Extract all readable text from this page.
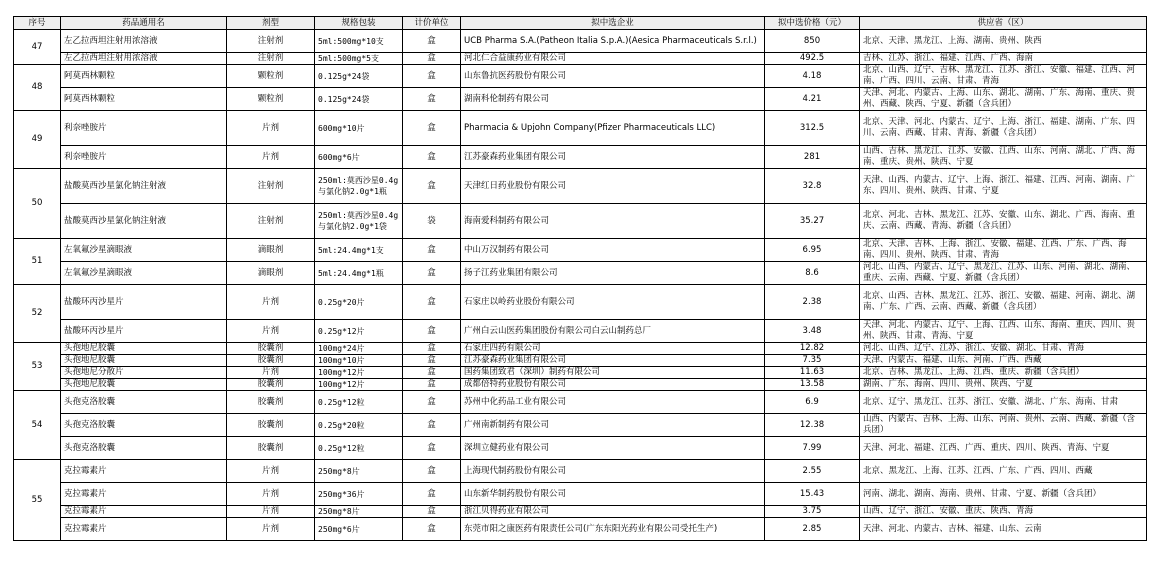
序号	药品通用名	剂型	规格包装	计价单位	拟中选企业	拟中选价格（元）	供应省（区）
47	左乙拉西坦注射用浓溶液	注射剂	5ml:500mg*10支	盒	UCB Pharma S.A.(Patheon Italia S.p.A.)(Aesica Pharmaceuticals S.r.l.)	850	北京、天津、黑龙江、上海、湖南、贵州、陕西
	左乙拉西坦注射用浓溶液	注射剂	5ml:500mg*5支	盒	河北仁合益康药业有限公司	492.5	吉林、江苏、浙江、福建、江西、广西、海南
48	阿莫西林颗粒	颗粒剂	0.125g*24袋	盒	山东鲁抗医药股份有限公司	4.18	北京、山西、辽宁、吉林、黑龙江、江苏、浙江、安徽、福建、江西、河南、广西、四川、云南、甘肃、青海
	阿莫西林颗粒	颗粒剂	0.125g*24袋	盒	湖南科伦制药有限公司	4.21	天津、河北、内蒙古、上海、山东、湖北、湖南、广东、海南、重庆、贵州、西藏、陕西、宁夏、新疆（含兵团）
49	利奈唑胺片	片剂	600mg*10片	盒	Pharmacia & Upjohn Company(Pfizer Pharmaceuticals LLC)	312.5	北京、天津、河北、内蒙古、辽宁、上海、浙江、福建、湖南、广东、四川、云南、西藏、甘肃、青海、新疆（含兵团）
	利奈唑胺片	片剂	600mg*6片	盒	江苏豪森药业集团有限公司	281	山西、吉林、黑龙江、江苏、安徽、江西、山东、河南、湖北、广西、海南、重庆、贵州、陕西、宁夏
50	盐酸莫西沙星氯化钠注射液	注射剂	250ml:莫西沙星0.4g与氯化钠2.0g*1瓶	盒	天津红日药业股份有限公司	32.8	天津、山西、内蒙古、辽宁、上海、浙江、福建、江西、河南、湖南、广东、四川、贵州、陕西、甘肃、宁夏
	盐酸莫西沙星氯化钠注射液	注射剂	250ml:莫西沙星0.4g与氯化钠2.0g*1袋	袋	海南爱科制药有限公司	35.27	北京、河北、吉林、黑龙江、江苏、安徽、山东、湖北、广西、海南、重庆、云南、西藏、青海、新疆（含兵团）
51	左氧氟沙星滴眼液	滴眼剂	5ml:24.4mg*1支	盒	中山万汉制药有限公司	6.95	北京、天津、吉林、上海、浙江、安徽、福建、江西、广东、广西、海南、四川、贵州、陕西、甘肃、青海
	左氧氟沙星滴眼液	滴眼剂	5ml:24.4mg*1瓶	盒	扬子江药业集团有限公司	8.6	河北、山西、内蒙古、辽宁、黑龙江、江苏、山东、河南、湖北、湖南、重庆、云南、西藏、宁夏、新疆（含兵团）
52	盐酸环丙沙星片	片剂	0.25g*20片	盒	石家庄以岭药业股份有限公司	2.38	北京、山西、吉林、黑龙江、江苏、浙江、安徽、福建、河南、湖北、湖南、广东、广西、云南、西藏、新疆（含兵团）
	盐酸环丙沙星片	片剂	0.25g*12片	盒	广州白云山医药集团股份有限公司白云山制药总厂	3.48	天津、河北、内蒙古、辽宁、上海、江西、山东、海南、重庆、四川、贵州、陕西、甘肃、青海、宁夏
53	头孢地尼胶囊	胶囊剂	100mg*24片	盒	石家庄四药有限公司	12.82	河北、山西、辽宁、江苏、浙江、安徽、湖北、甘肃、青海
	头孢地尼胶囊	胶囊剂	100mg*10片	盒	江苏豪森药业集团有限公司	7.35	天津、内蒙古、福建、山东、河南、广西、西藏
	头孢地尼分散片	片剂	100mg*12片	盒	国药集团致君（深圳）制药有限公司	11.63	北京、吉林、黑龙江、上海、江西、重庆、新疆（含兵团）
	头孢地尼胶囊	胶囊剂	100mg*12片	盒	成都倍特药业股份有限公司	13.58	湖南、广东、海南、四川、贵州、陕西、宁夏
54	头孢克洛胶囊	胶囊剂	0.25g*12粒	盒	苏州中化药品工业有限公司	6.9	北京、辽宁、黑龙江、江苏、浙江、安徽、湖北、广东、海南、甘肃
	头孢克洛胶囊	胶囊剂	0.25g*20粒	盒	广州南新制药有限公司	12.38	山西、内蒙古、吉林、上海、山东、河南、贵州、云南、西藏、新疆（含兵团）
	头孢克洛胶囊	胶囊剂	0.25g*12粒	盒	深圳立健药业有限公司	7.99	天津、河北、福建、江西、广西、重庆、四川、陕西、青海、宁夏
55	克拉霉素片	片剂	250mg*8片	盒	上海现代制药股份有限公司	2.55	北京、黑龙江、上海、江苏、江西、广东、广西、四川、西藏
	克拉霉素片	片剂	250mg*36片	盒	山东新华制药股份有限公司	15.43	河南、湖北、湖南、海南、贵州、甘肃、宁夏、新疆（含兵团）
	克拉霉素片	片剂	250mg*8片	盒	浙江贝得药业有限公司	3.75	山西、辽宁、浙江、安徽、重庆、陕西、青海
	克拉霉素片	片剂	250mg*6片	盒	东莞市阳之康医药有限责任公司(广东东阳光药业有限公司受托生产)	2.85	天津、河北、内蒙古、吉林、福建、山东、云南
